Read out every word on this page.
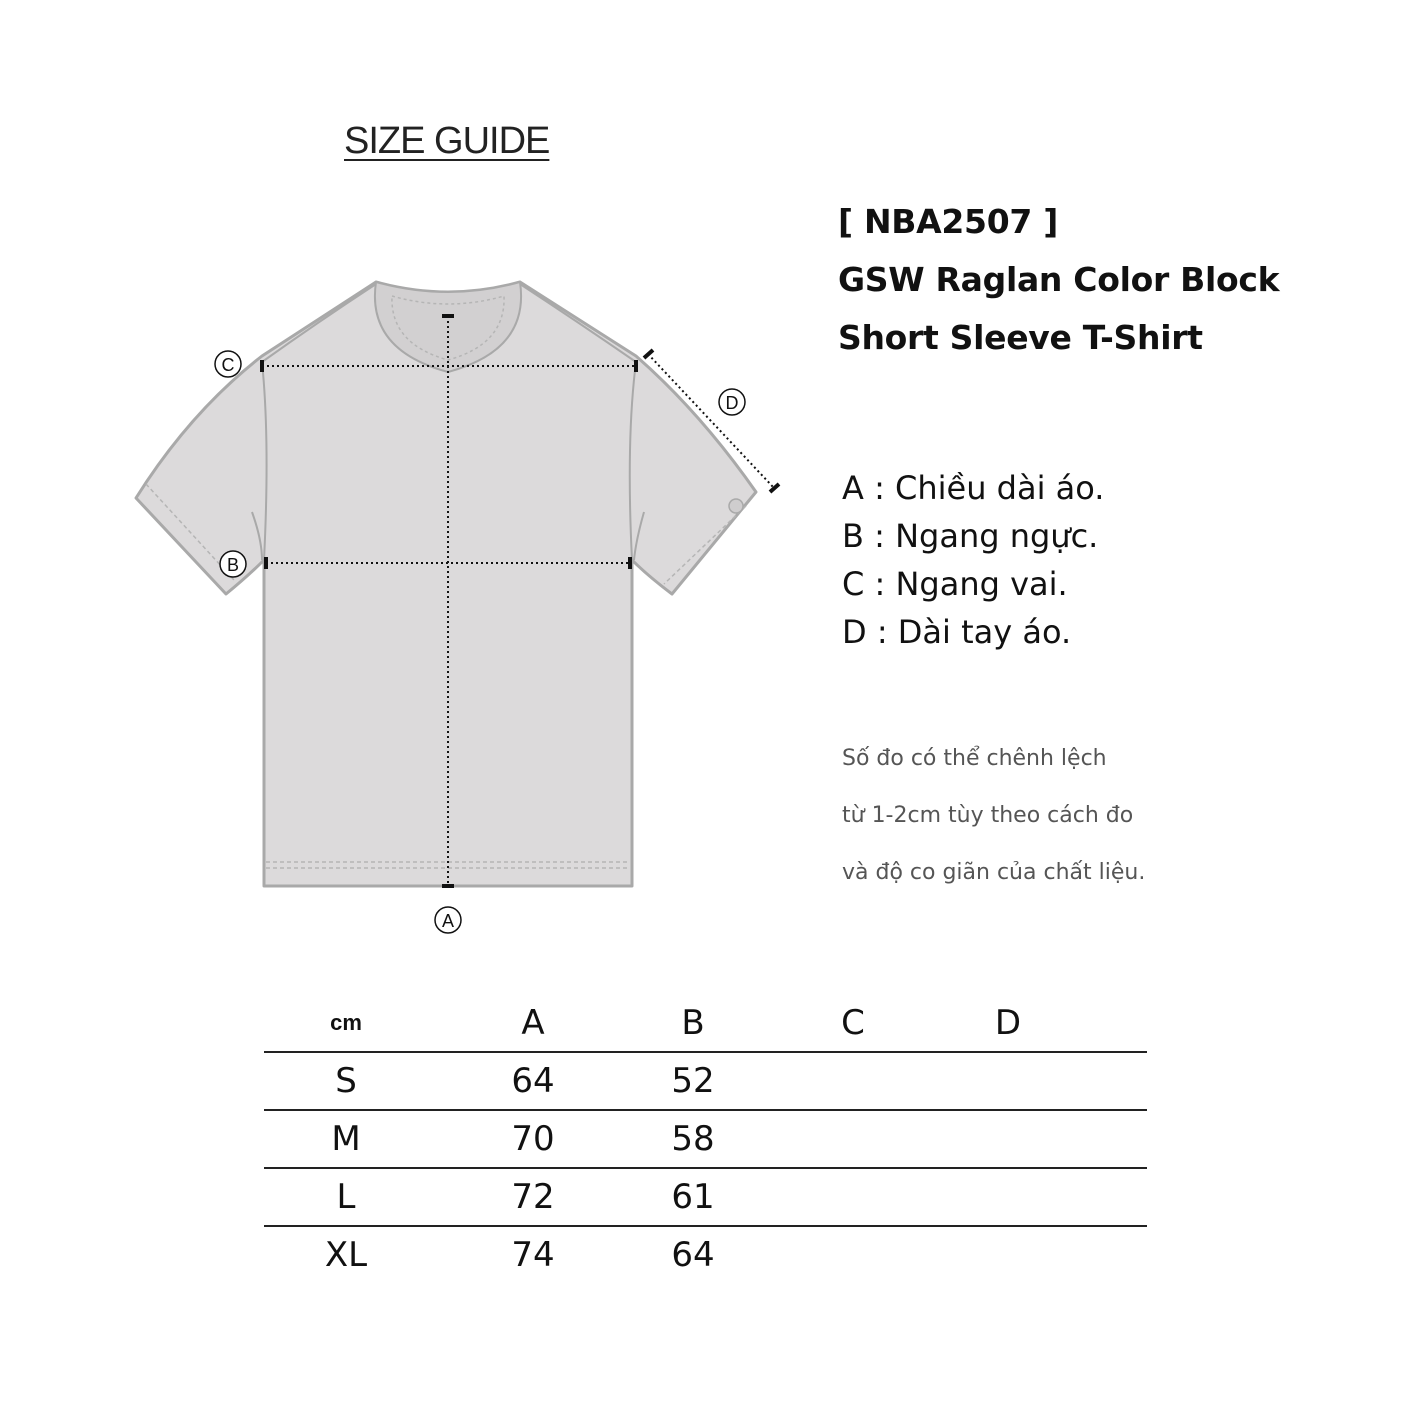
SIZE GUIDE
A
B
C
D
[ NBA2507 ]
GSW Raglan Color Block
Short Sleeve T-Shirt
A : Chiều dài áo.
B : Ngang ngực.
C : Ngang vai.
D : Dài tay áo.
Số đo có thể chênh lệch
từ 1-2cm tùy theo cách đo
và độ co giãn của chất liệu.
cm	A	B	C	D
S	64	52
M	70	58
L	72	61
XL	74	64
